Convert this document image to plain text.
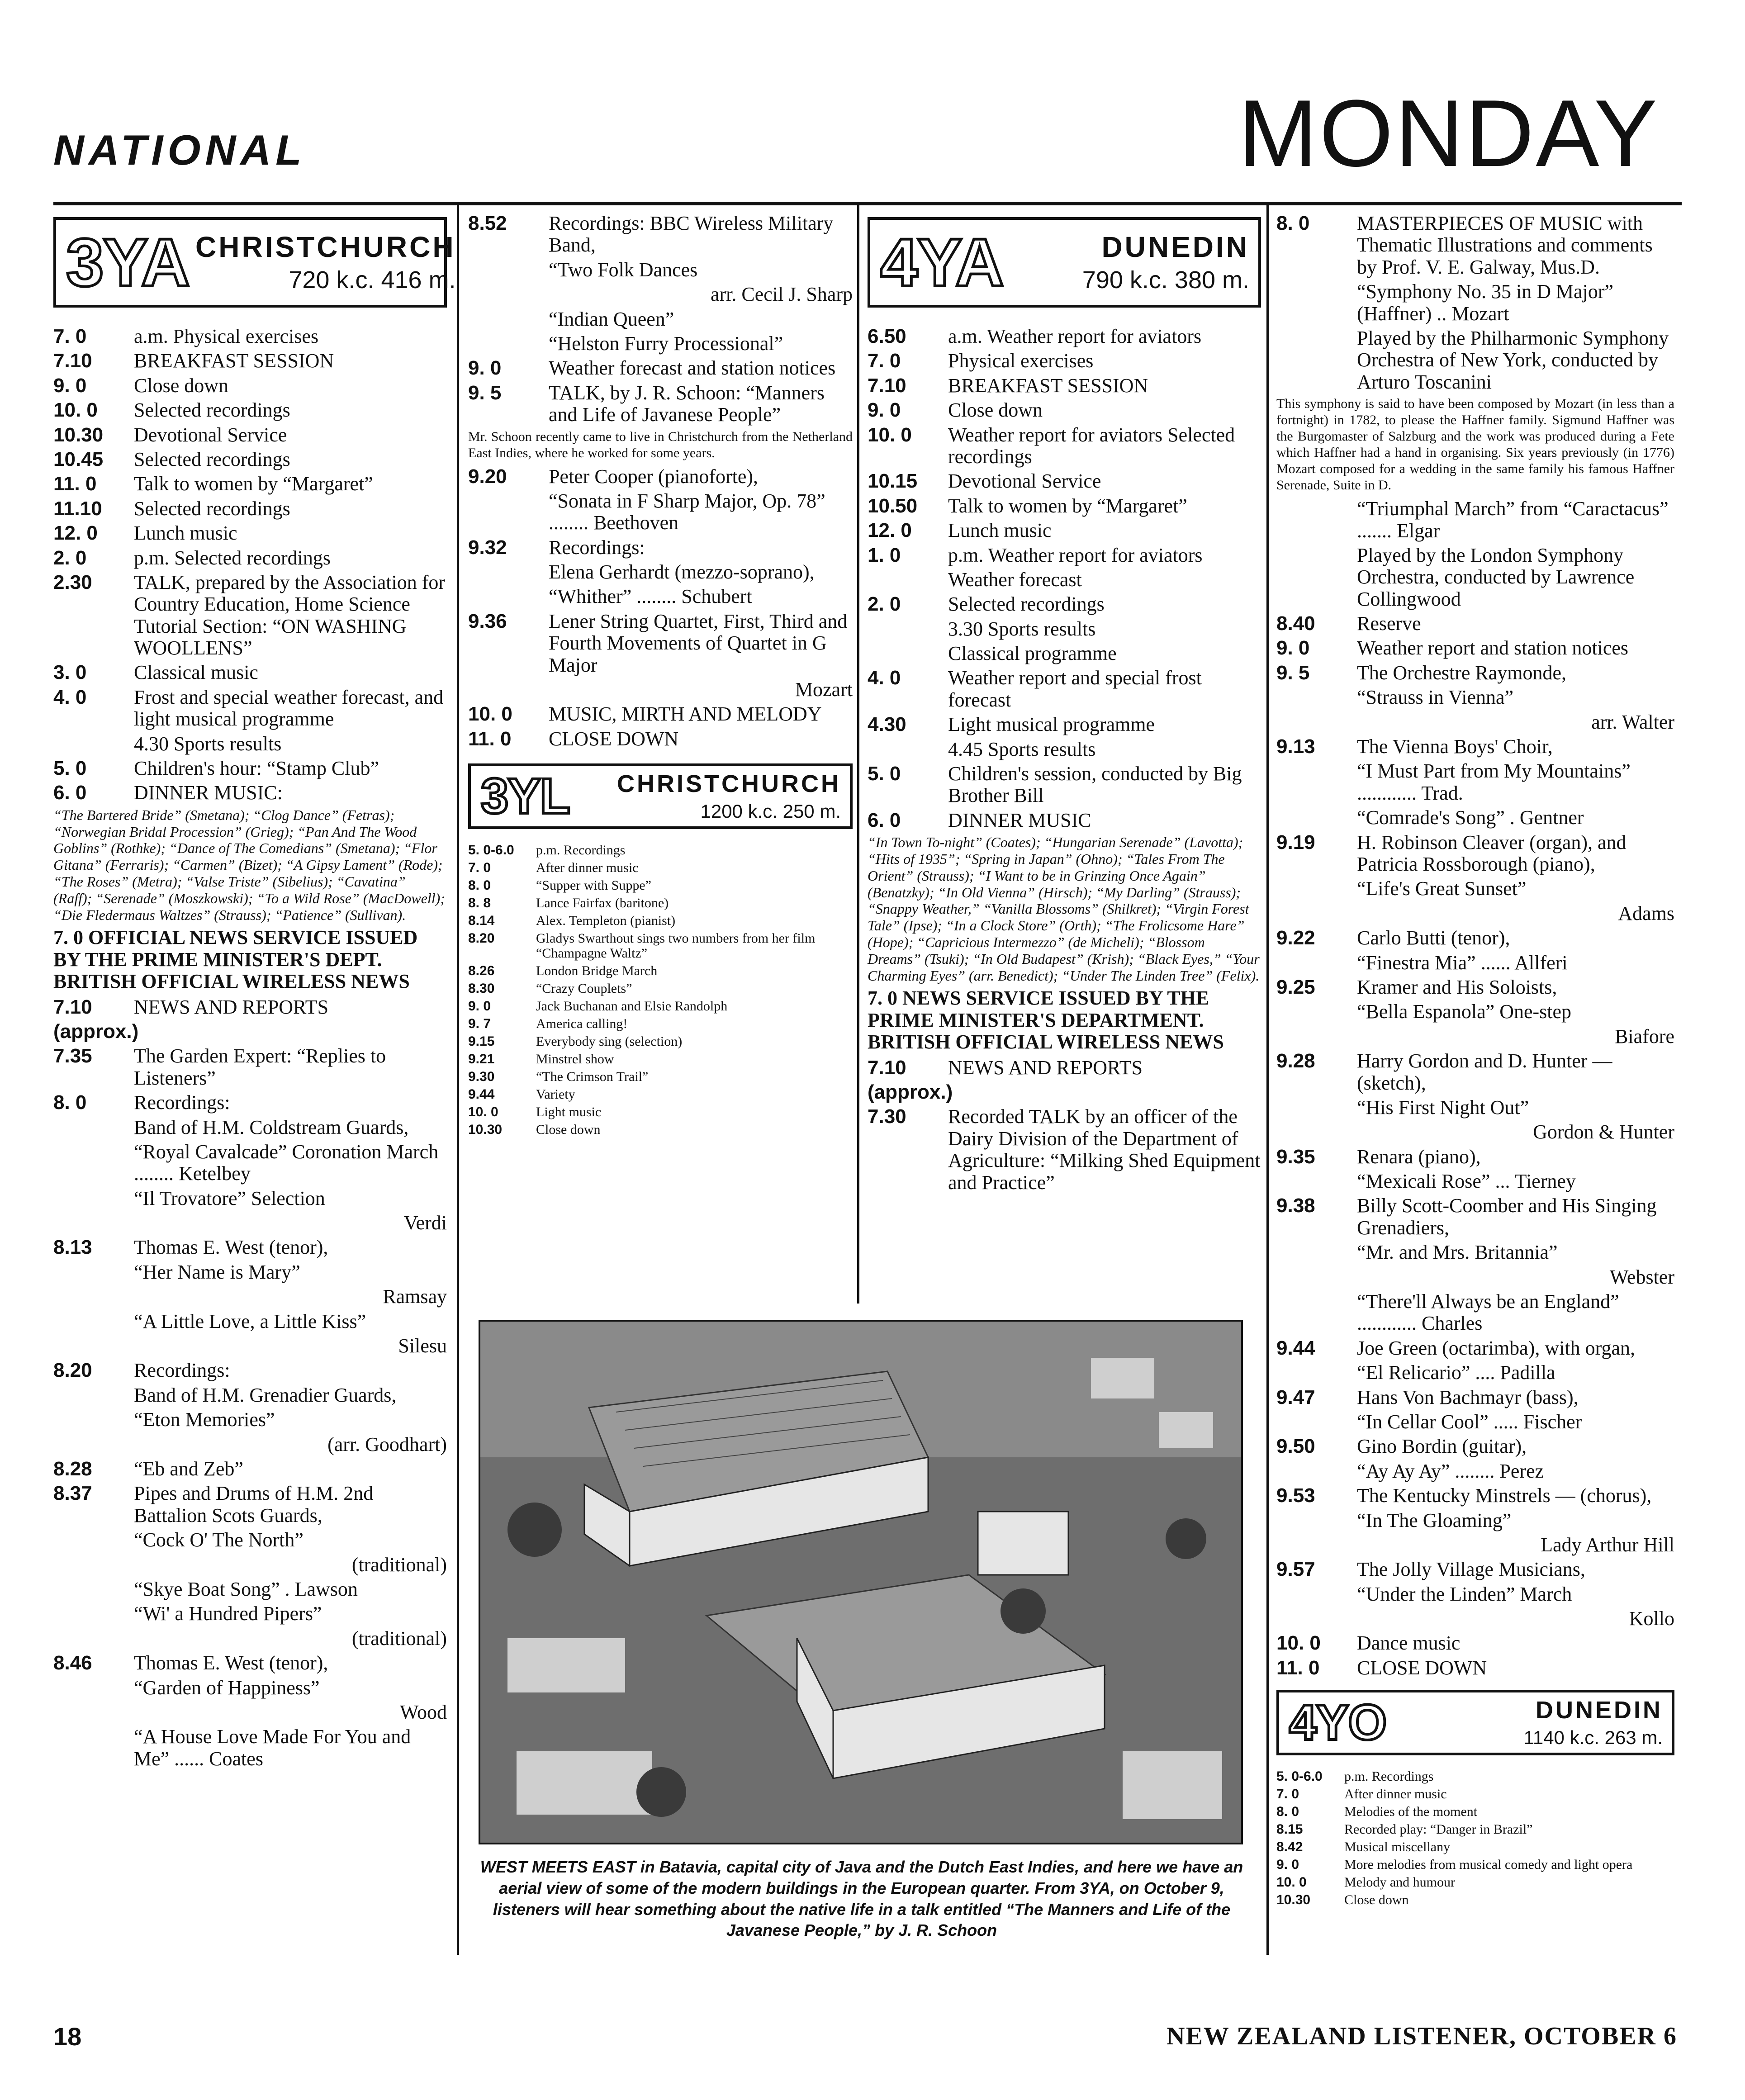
NATIONAL	MONDAY
3YA CHRISTCHURCH
720 k.c. 416 m.
7. 0	a.m. Physical exercises
7.10	BREAKFAST SESSION
9. 0	Close down
10. 0	Selected recordings
10.30	Devotional Service
10.45	Selected recordings
11. 0	Talk to women by “Margaret”
11.10	Selected recordings
12. 0	Lunch music
2. 0	p.m. Selected recordings
2.30	TALK, prepared by the Association for Country Education, Home Science Tutorial Section: “ON WASHING WOOLLENS”
3. 0	Classical music
4. 0	Frost and special weather forecast, and light musical programme
4.30 Sports results
5. 0	Children's hour: “Stamp Club”
6. 0	DINNER MUSIC:
“The Bartered Bride” (Smetana); “Clog Dance” (Fetras); “Norwegian Bridal Procession” (Grieg); “Pan And The Wood Goblins” (Rothke); “Dance of The Comedians” (Smetana); “Flor Gitana” (Ferraris); “Carmen” (Bizet); “A Gipsy Lament” (Rode); “The Roses” (Metra); “Valse Triste” (Sibelius); “Cavatina” (Raff); “Serenade” (Moszkowski); “To a Wild Rose” (MacDowell); “Die Fledermaus Waltzes” (Strauss); “Patience” (Sullivan).
7. 0 OFFICIAL NEWS SERVICE ISSUED BY THE PRIME MINISTER'S DEPT. BRITISH OFFICIAL WIRELESS NEWS
7.10	NEWS AND REPORTS
(approx.)
7.35	The Garden Expert: “Replies to Listeners”
8. 0	Recordings:
Band of H.M. Coldstream Guards,
“Royal Cavalcade” Coronation March ........ Ketelbey
“Il Trovatore” Selection
Verdi
8.13	Thomas E. West (tenor),
“Her Name is Mary”
Ramsay
“A Little Love, a Little Kiss”
Silesu
8.20	Recordings:
Band of H.M. Grenadier Guards,
“Eton Memories”
(arr. Goodhart)
8.28	“Eb and Zeb”
8.37	Pipes and Drums of H.M. 2nd Battalion Scots Guards,
“Cock O' The North”
(traditional)
“Skye Boat Song” . Lawson
“Wi' a Hundred Pipers”
(traditional)
8.46	Thomas E. West (tenor),
“Garden of Happiness”
Wood
“A House Love Made For You and Me” ...... Coates
8.52	Recordings: BBC Wireless Military Band,
“Two Folk Dances
arr. Cecil J. Sharp
“Indian Queen”
“Helston Furry Processional”
9. 0	Weather forecast and station notices
9. 5	TALK, by J. R. Schoon: “Manners and Life of Javanese People”
Mr. Schoon recently came to live in Christchurch from the Netherland East Indies, where he worked for some years.
9.20	Peter Cooper (pianoforte),
“Sonata in F Sharp Major, Op. 78” ........ Beethoven
9.32	Recordings:
Elena Gerhardt (mezzo-soprano),
“Whither” ........ Schubert
9.36	Lener String Quartet, First, Third and Fourth Movements of Quartet in G Major
Mozart
10. 0	MUSIC, MIRTH AND MELODY
11. 0	CLOSE DOWN
3YL	CHRISTCHURCH
1200 k.c. 250 m.
5. 0-6.0	p.m. Recordings
7. 0	After dinner music
8. 0	“Supper with Suppe”
8. 8	Lance Fairfax (baritone)
8.14	Alex. Templeton (pianist)
8.20	Gladys Swarthout sings two numbers from her film “Champagne Waltz”
8.26	London Bridge March
8.30	“Crazy Couplets”
9. 0	Jack Buchanan and Elsie Randolph
9. 7	America calling!
9.15	Everybody sing (selection)
9.21	Minstrel show
9.30	“The Crimson Trail”
9.44	Variety
10. 0	Light music
10.30	Close down
4YA	DUNEDIN
790 k.c. 380 m.
6.50	a.m. Weather report for aviators
7. 0	Physical exercises
7.10	BREAKFAST SESSION
9. 0	Close down
10. 0	Weather report for aviators Selected recordings
10.15	Devotional Service
10.50	Talk to women by “Margaret”
12. 0	Lunch music
1. 0	p.m. Weather report for aviators
Weather forecast
2. 0	Selected recordings
3.30 Sports results
Classical programme
4. 0	Weather report and special frost forecast
4.30	Light musical programme
4.45 Sports results
5. 0	Children's session, conducted by Big Brother Bill
6. 0	DINNER MUSIC
“In Town To-night” (Coates); “Hungarian Serenade” (Lavotta); “Hits of 1935”; “Spring in Japan” (Ohno); “Tales From The Orient” (Strauss); “I Want to be in Grinzing Once Again” (Benatzky); “In Old Vienna” (Hirsch); “My Darling” (Strauss); “Snappy Weather,” “Vanilla Blossoms” (Shilkret); “Virgin Forest Tale” (Ipse); “In a Clock Store” (Orth); “The Frolicsome Hare” (Hope); “Capricious Intermezzo” (de Micheli); “Blossom Dreams” (Tsuki); “In Old Budapest” (Krish); “Black Eyes,” “Your Charming Eyes” (arr. Benedict); “Under The Linden Tree” (Felix).
7. 0 NEWS SERVICE ISSUED BY THE PRIME MINISTER'S DEPARTMENT. BRITISH OFFICIAL WIRELESS NEWS
7.10	NEWS AND REPORTS
(approx.)
7.30	Recorded TALK by an officer of the Dairy Division of the Department of Agriculture: “Milking Shed Equipment and Practice”
8. 0	MASTERPIECES OF MUSIC with Thematic Illustrations and comments by Prof. V. E. Galway, Mus.D.
“Symphony No. 35 in D Major” (Haffner) .. Mozart
Played by the Philharmonic Symphony Orchestra of New York, conducted by Arturo Toscanini
This symphony is said to have been composed by Mozart (in less than a fortnight) in 1782, to please the Haffner family. Sigmund Haffner was the Burgomaster of Salzburg and the work was produced during a Fete which Haffner had a hand in organising. Six years previously (in 1776) Mozart composed for a wedding in the same family his famous Haffner Serenade, Suite in D.
“Triumphal March” from “Caractacus” ....... Elgar
Played by the London Symphony Orchestra, conducted by Lawrence Collingwood
8.40	Reserve
9. 0	Weather report and station notices
9. 5	The Orchestre Raymonde,
“Strauss in Vienna”
arr. Walter
9.13	The Vienna Boys' Choir,
“I Must Part from My Mountains” ............ Trad.
“Comrade's Song” . Gentner
9.19	H. Robinson Cleaver (organ), and Patricia Rossborough (piano),
“Life's Great Sunset”
Adams
9.22	Carlo Butti (tenor),
“Finestra Mia” ...... Allferi
9.25	Kramer and His Soloists,
“Bella Espanola” One-step
Biafore
9.28	Harry Gordon and D. Hunter — (sketch),
“His First Night Out”
Gordon & Hunter
9.35	Renara (piano),
“Mexicali Rose” ... Tierney
9.38	Billy Scott-Coomber and His Singing Grenadiers,
“Mr. and Mrs. Britannia”
Webster
“There'll Always be an England” ............ Charles
9.44	Joe Green (octarimba), with organ,
“El Relicario” .... Padilla
9.47	Hans Von Bachmayr (bass),
“In Cellar Cool” ..... Fischer
9.50	Gino Bordin (guitar),
“Ay Ay Ay” ........ Perez
9.53	The Kentucky Minstrels — (chorus),
“In The Gloaming”
Lady Arthur Hill
9.57	The Jolly Village Musicians,
“Under the Linden” March
Kollo
10. 0	Dance music
11. 0	CLOSE DOWN
4YO	DUNEDIN
1140 k.c. 263 m.
5. 0-6.0	p.m. Recordings
7. 0	After dinner music
8. 0	Melodies of the moment
8.15	Recorded play: “Danger in Brazil”
8.42	Musical miscellany
9. 0	More melodies from musical comedy and light opera
10. 0	Melody and humour
10.30	Close down
WEST MEETS EAST in Batavia, capital city of Java and the Dutch East Indies, and here we have an aerial view of some of the modern buildings in the European quarter. From 3YA, on October 9, listeners will hear something about the native life in a talk entitled “The Manners and Life of the Javanese People,” by J. R. Schoon
18	NEW ZEALAND LISTENER, OCTOBER 6
